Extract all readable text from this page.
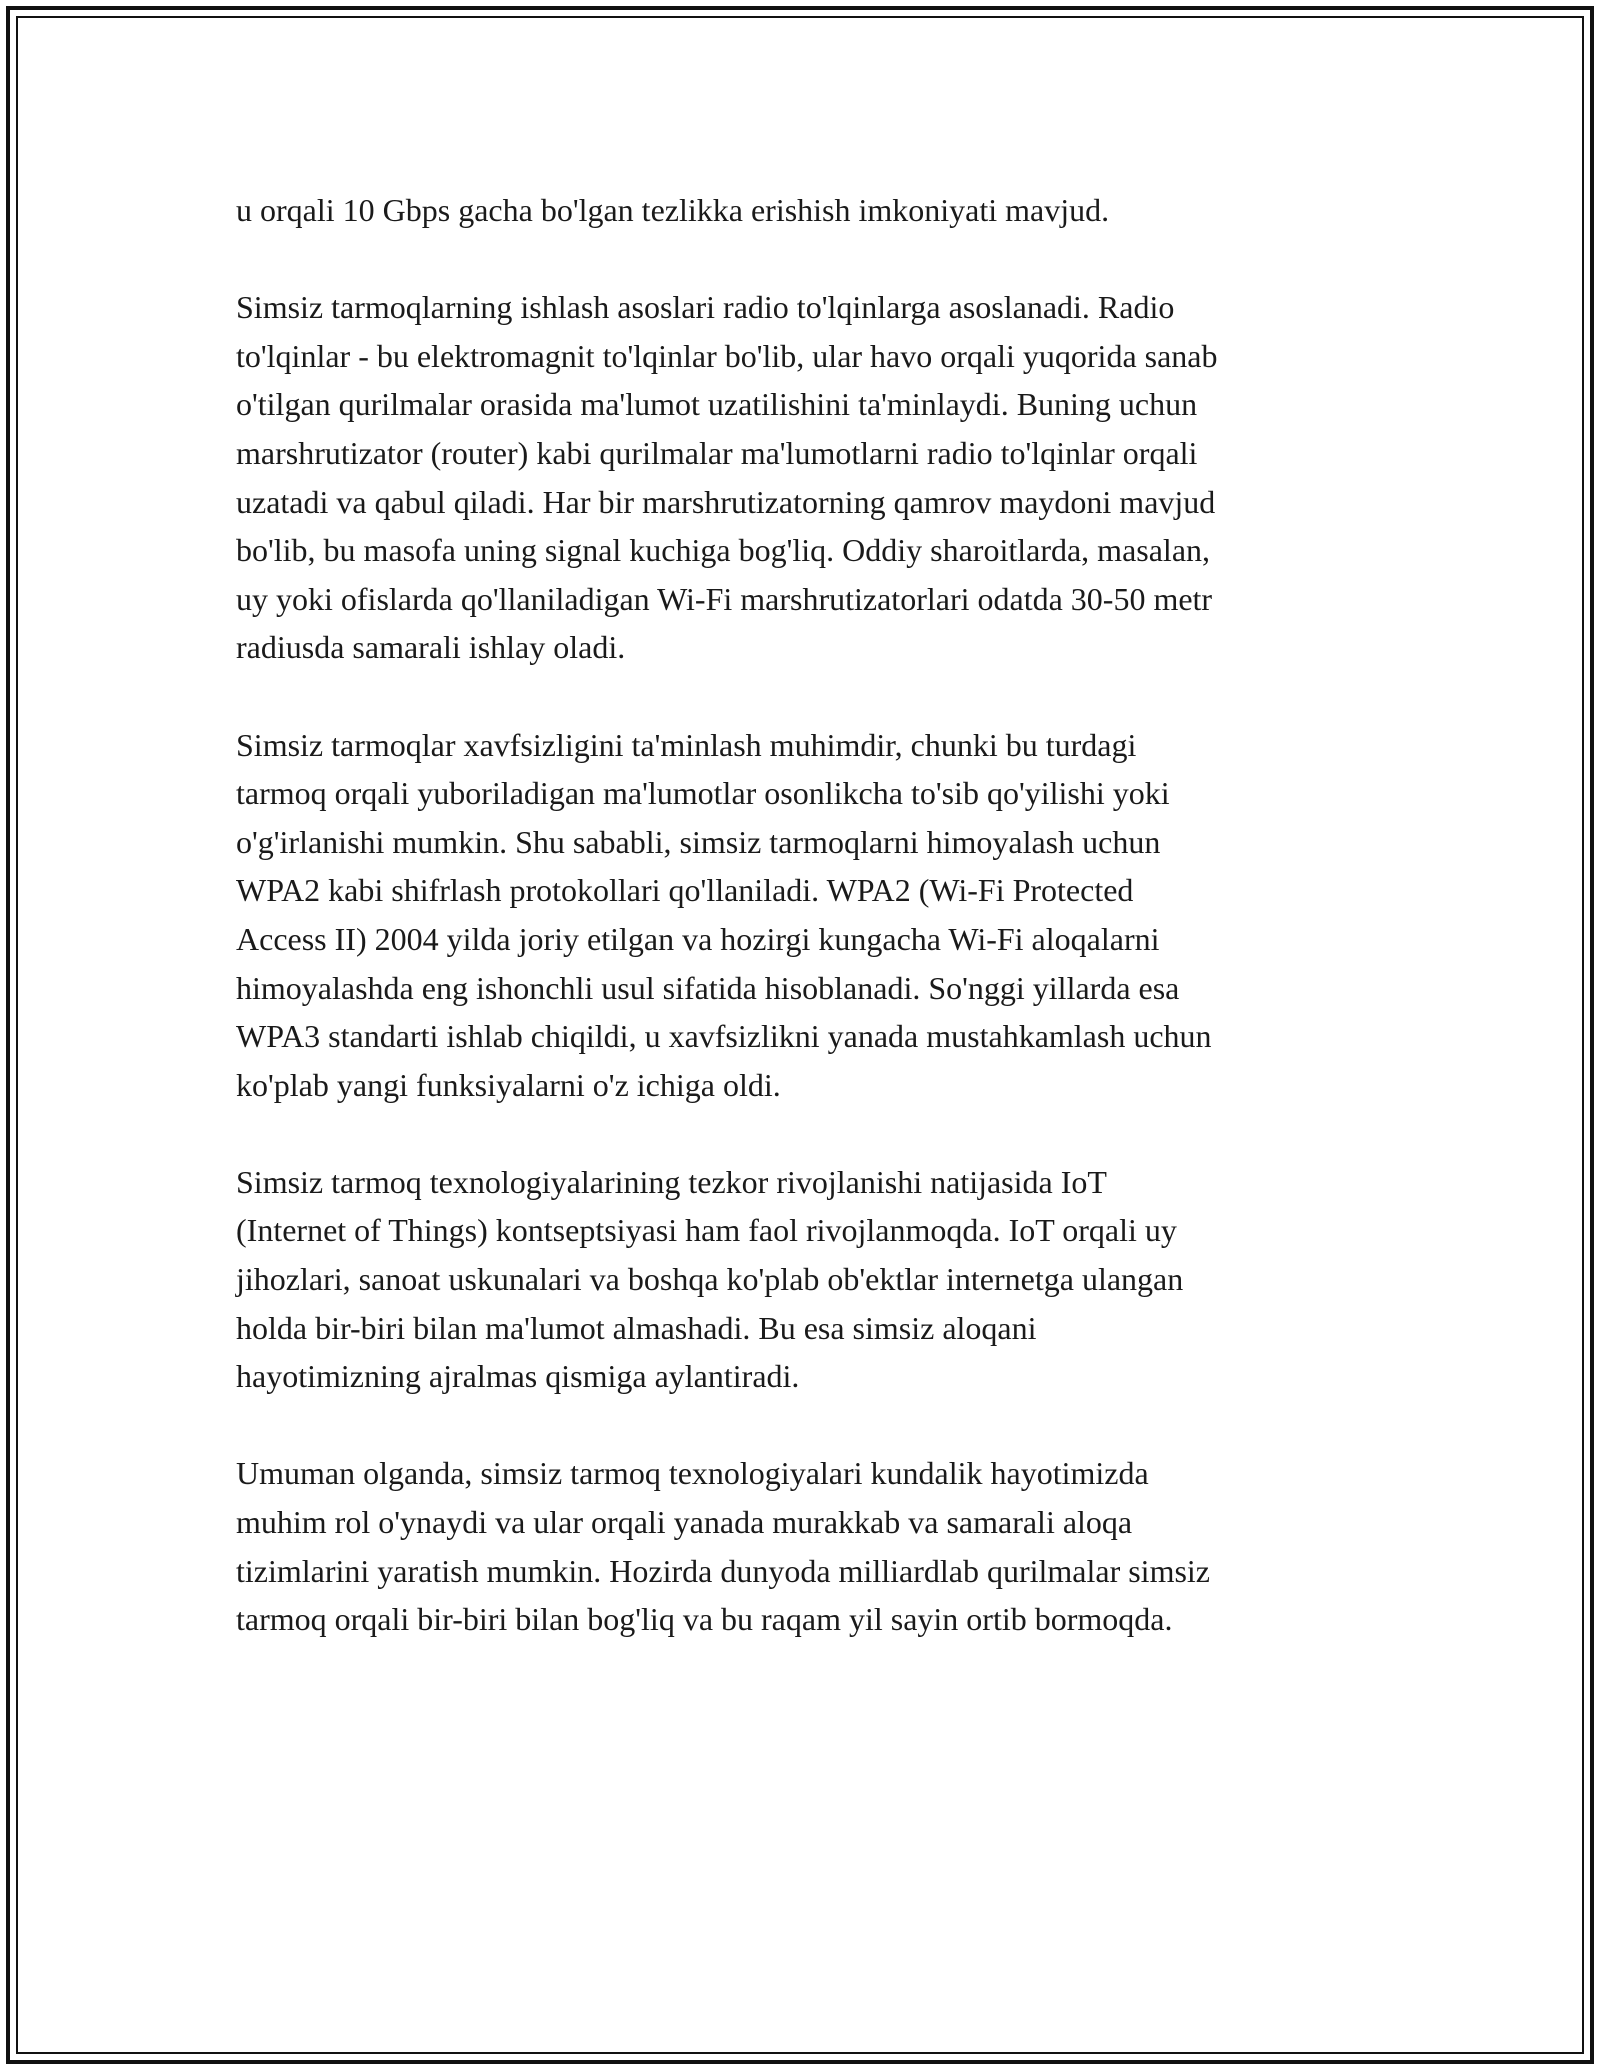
u orqali 10 Gbps gacha bo'lgan tezlikka erishish imkoniyati mavjud.

Simsiz tarmoqlarning ishlash asoslari radio to'lqinlarga asoslanadi. Radio
to'lqinlar - bu elektromagnit to'lqinlar bo'lib, ular havo orqali yuqorida sanab
o'tilgan qurilmalar orasida ma'lumot uzatilishini ta'minlaydi. Buning uchun
marshrutizator (router) kabi qurilmalar ma'lumotlarni radio to'lqinlar orqali
uzatadi va qabul qiladi. Har bir marshrutizatorning qamrov maydoni mavjud
bo'lib, bu masofa uning signal kuchiga bog'liq. Oddiy sharoitlarda, masalan,
uy yoki ofislarda qo'llaniladigan Wi-Fi marshrutizatorlari odatda 30-50 metr
radiusda samarali ishlay oladi.

Simsiz tarmoqlar xavfsizligini ta'minlash muhimdir, chunki bu turdagi
tarmoq orqali yuboriladigan ma'lumotlar osonlikcha to'sib qo'yilishi yoki
o'g'irlanishi mumkin. Shu sababli, simsiz tarmoqlarni himoyalash uchun
WPA2 kabi shifrlash protokollari qo'llaniladi. WPA2 (Wi-Fi Protected
Access II) 2004 yilda joriy etilgan va hozirgi kungacha Wi-Fi aloqalarni
himoyalashda eng ishonchli usul sifatida hisoblanadi. So'nggi yillarda esa
WPA3 standarti ishlab chiqildi, u xavfsizlikni yanada mustahkamlash uchun
ko'plab yangi funksiyalarni o'z ichiga oldi.

Simsiz tarmoq texnologiyalarining tezkor rivojlanishi natijasida IoT
(Internet of Things) kontseptsiyasi ham faol rivojlanmoqda. IoT orqali uy
jihozlari, sanoat uskunalari va boshqa ko'plab ob'ektlar internetga ulangan
holda bir-biri bilan ma'lumot almashadi. Bu esa simsiz aloqani
hayotimizning ajralmas qismiga aylantiradi.

Umuman olganda, simsiz tarmoq texnologiyalari kundalik hayotimizda
muhim rol o'ynaydi va ular orqali yanada murakkab va samarali aloqa
tizimlarini yaratish mumkin. Hozirda dunyoda milliardlab qurilmalar simsiz
tarmoq orqali bir-biri bilan bog'liq va bu raqam yil sayin ortib bormoqda.
